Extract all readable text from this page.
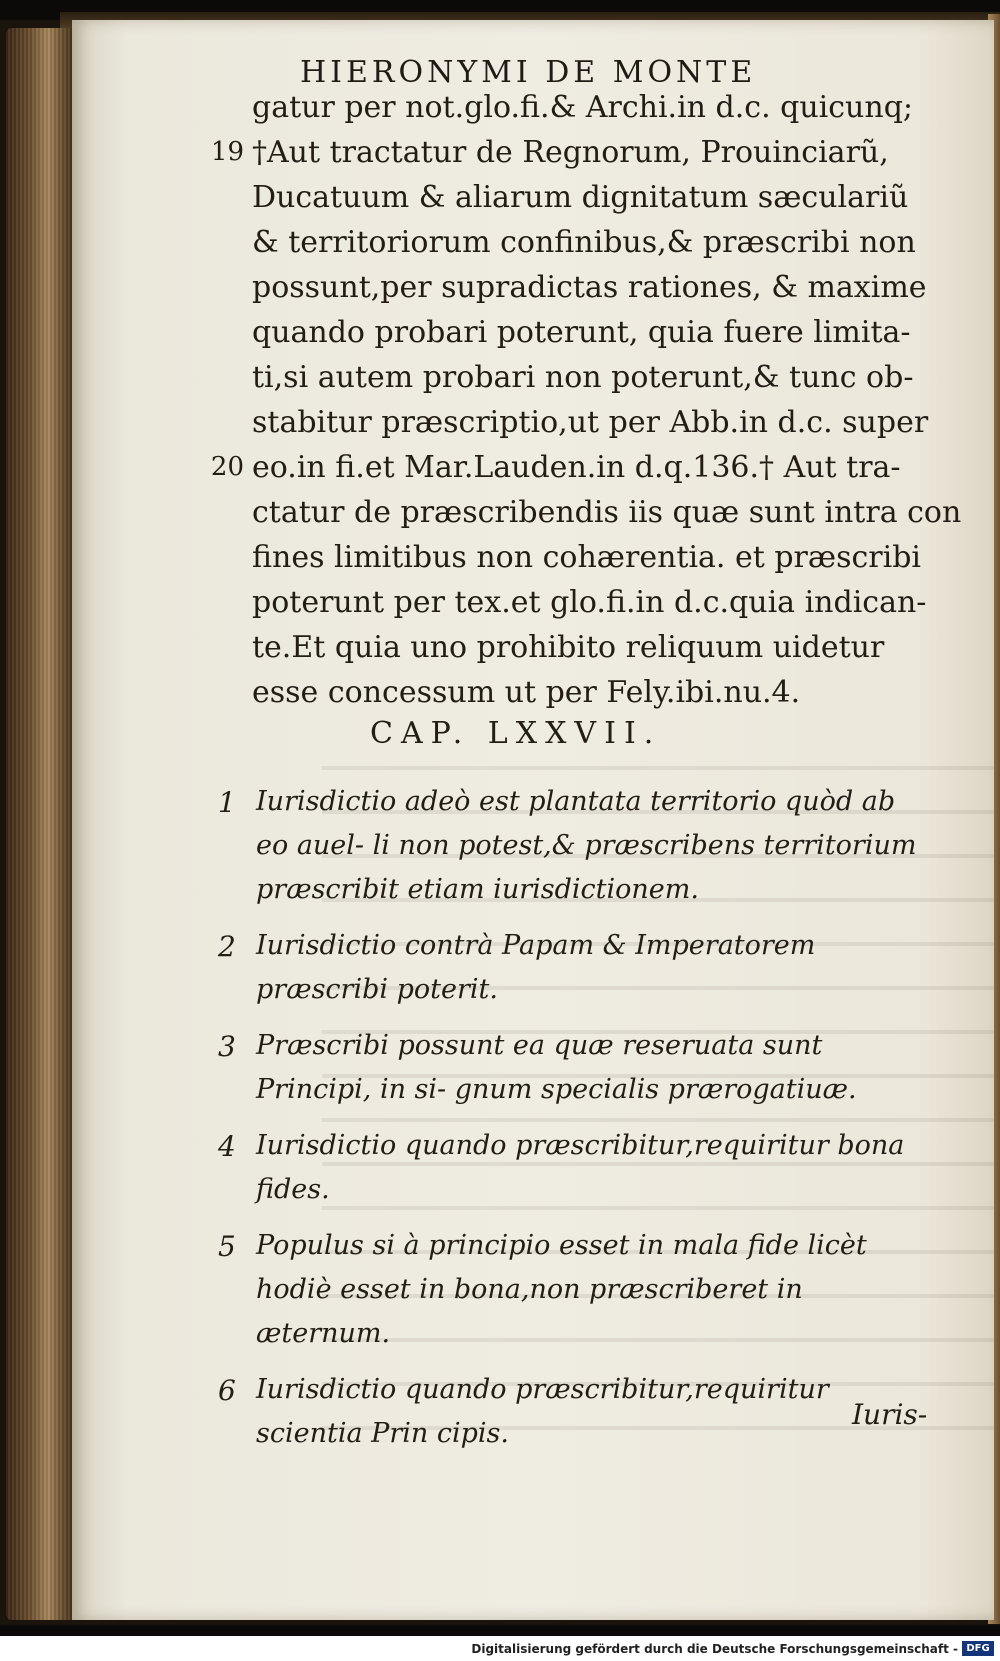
HIERONYMI DE MONTE
gatur per not.glo.fi.& Archi.in d.c. quicunq;
19 †Aut tractatur de Regnorum, Prouinciarũ,
Ducatuum & aliarum dignitatum sæculariũ
& territoriorum confinibus,& præscribi non
possunt,per supradictas rationes, & maxime
quando probari poterunt, quia fuere limita-
ti,si autem probari non poterunt,& tunc ob-
stabitur præscriptio,ut per Abb.in d.c. super
20 eo.in fi.et Mar.Lauden.in d.q.136.† Aut tra-
ctatur de præscribendis iis quæ sunt intra con
fines limitibus non cohærentia. et præscribi
poterunt per tex.et glo.fi.in d.c.quia indican-
te.Et quia uno prohibito reliquum uidetur
esse concessum ut per Fely.ibi.nu.4.
CAP. LXXVII.
1 Iurisdictio adeò est plantata territorio quòd ab eo auel- li non potest,& præscribens territorium præscribit etiam iurisdictionem.
2 Iurisdictio contrà Papam & Imperatorem præscribi poterit.
3 Præscribi possunt ea quæ reseruata sunt Principi, in si- gnum specialis prærogatiuæ.
4 Iurisdictio quando præscribitur,requiritur bona fides.
5 Populus si à principio esset in mala fide licèt hodiè esset in bona,non præscriberet in æternum.
6 Iurisdictio quando præscribitur,requiritur scientia Prin cipis.
Iuris-
Digitalisierung gefördert durch die Deutsche Forschungsgemeinschaft - DFG
